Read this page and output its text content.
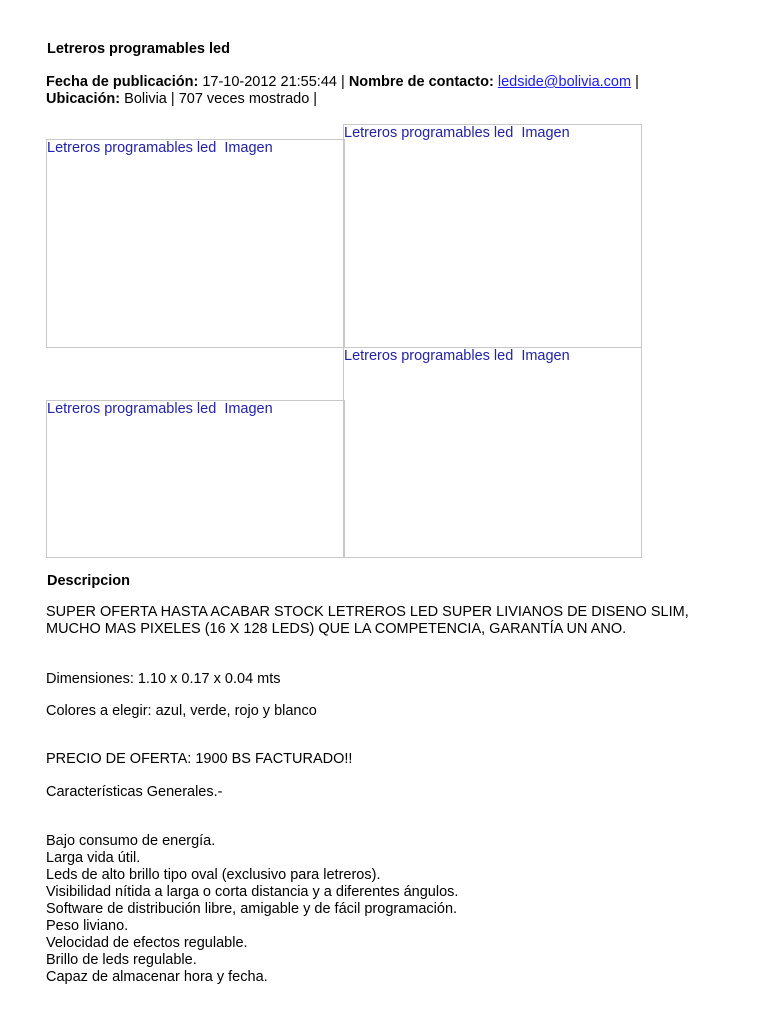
Letreros programables led
Fecha de publicación: 17-10-2012 21:55:44 | Nombre de contacto: ledside@bolivia.com |
Ubicación: Bolivia | 707 veces mostrado |
Letreros programables led  Imagen
Letreros programables led  Imagen
Letreros programables led  Imagen
Letreros programables led  Imagen
Descripcion
SUPER OFERTA HASTA ACABAR STOCK LETREROS LED SUPER LIVIANOS DE DISENO SLIM, MUCHO MAS PIXELES (16 X 128 LEDS) QUE LA COMPETENCIA, GARANTÍA UN ANO.
Dimensiones: 1.10 x 0.17 x 0.04 mts
Colores a elegir: azul, verde, rojo y blanco
PRECIO DE OFERTA: 1900 BS FACTURADO!!
Características Generales.-
Bajo consumo de energía.
Larga vida útil.
Leds de alto brillo tipo oval (exclusivo para letreros).
Visibilidad nítida a larga o corta distancia y a diferentes ángulos.
Software de distribución libre, amigable y de fácil programación.
Peso liviano.
Velocidad de efectos regulable.
Brillo de leds regulable.
Capaz de almacenar hora y fecha.
